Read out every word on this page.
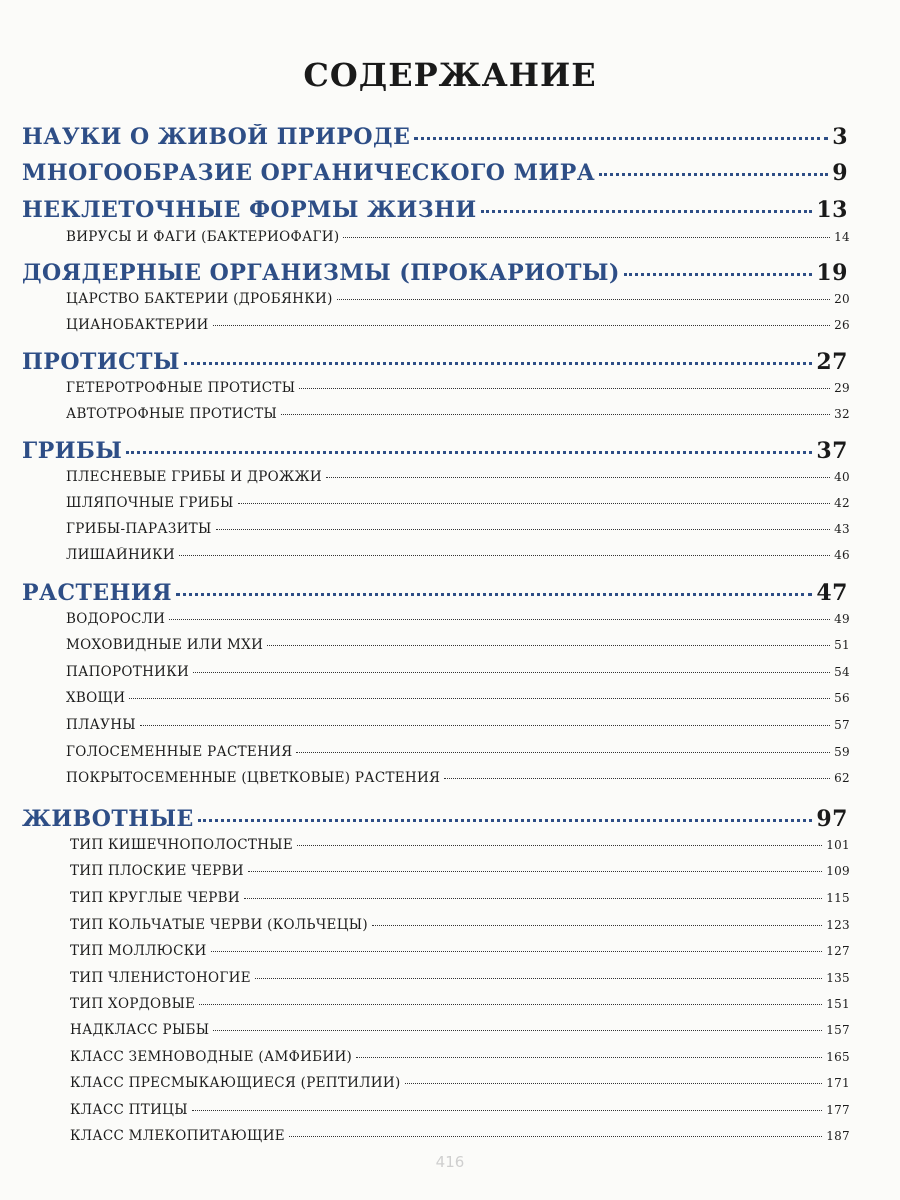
СОДЕРЖАНИЕ
НАУКИ О ЖИВОЙ ПРИРОДЕ	3
МНОГООБРАЗИЕ ОРГАНИЧЕСКОГО МИРА	9
НЕКЛЕТОЧНЫЕ ФОРМЫ ЖИЗНИ	13
ВИРУСЫ И ФАГИ (БАКТЕРИОФАГИ)	14
ДОЯДЕРНЫЕ ОРГАНИЗМЫ (ПРОКАРИОТЫ)	19
ЦАРСТВО БАКТЕРИИ (ДРОБЯНКИ)	20
ЦИАНОБАКТЕРИИ	26
ПРОТИСТЫ	27
ГЕТЕРОТРОФНЫЕ ПРОТИСТЫ	29
АВТОТРОФНЫЕ ПРОТИСТЫ	32
ГРИБЫ	37
ПЛЕСНЕВЫЕ ГРИБЫ И ДРОЖЖИ	40
ШЛЯПОЧНЫЕ ГРИБЫ	42
ГРИБЫ-ПАРАЗИТЫ	43
ЛИШАЙНИКИ	46
РАСТЕНИЯ	47
ВОДОРОСЛИ	49
МОХОВИДНЫЕ ИЛИ МХИ	51
ПАПОРОТНИКИ	54
ХВОЩИ	56
ПЛАУНЫ	57
ГОЛОСЕМЕННЫЕ РАСТЕНИЯ	59
ПОКРЫТОСЕМЕННЫЕ (ЦВЕТКОВЫЕ) РАСТЕНИЯ	62
ЖИВОТНЫЕ	97
ТИП КИШЕЧНОПОЛОСТНЫЕ	101
ТИП ПЛОСКИЕ ЧЕРВИ	109
ТИП КРУГЛЫЕ ЧЕРВИ	115
ТИП КОЛЬЧАТЫЕ ЧЕРВИ (КОЛЬЧЕЦЫ)	123
ТИП МОЛЛЮСКИ	127
ТИП ЧЛЕНИСТОНОГИЕ	135
ТИП ХОРДОВЫЕ	151
НАДКЛАСС РЫБЫ	157
КЛАСС ЗЕМНОВОДНЫЕ (АМФИБИИ)	165
КЛАСС ПРЕСМЫКАЮЩИЕСЯ (РЕПТИЛИИ)	171
КЛАСС ПТИЦЫ	177
КЛАСС МЛЕКОПИТАЮЩИЕ	187
416
